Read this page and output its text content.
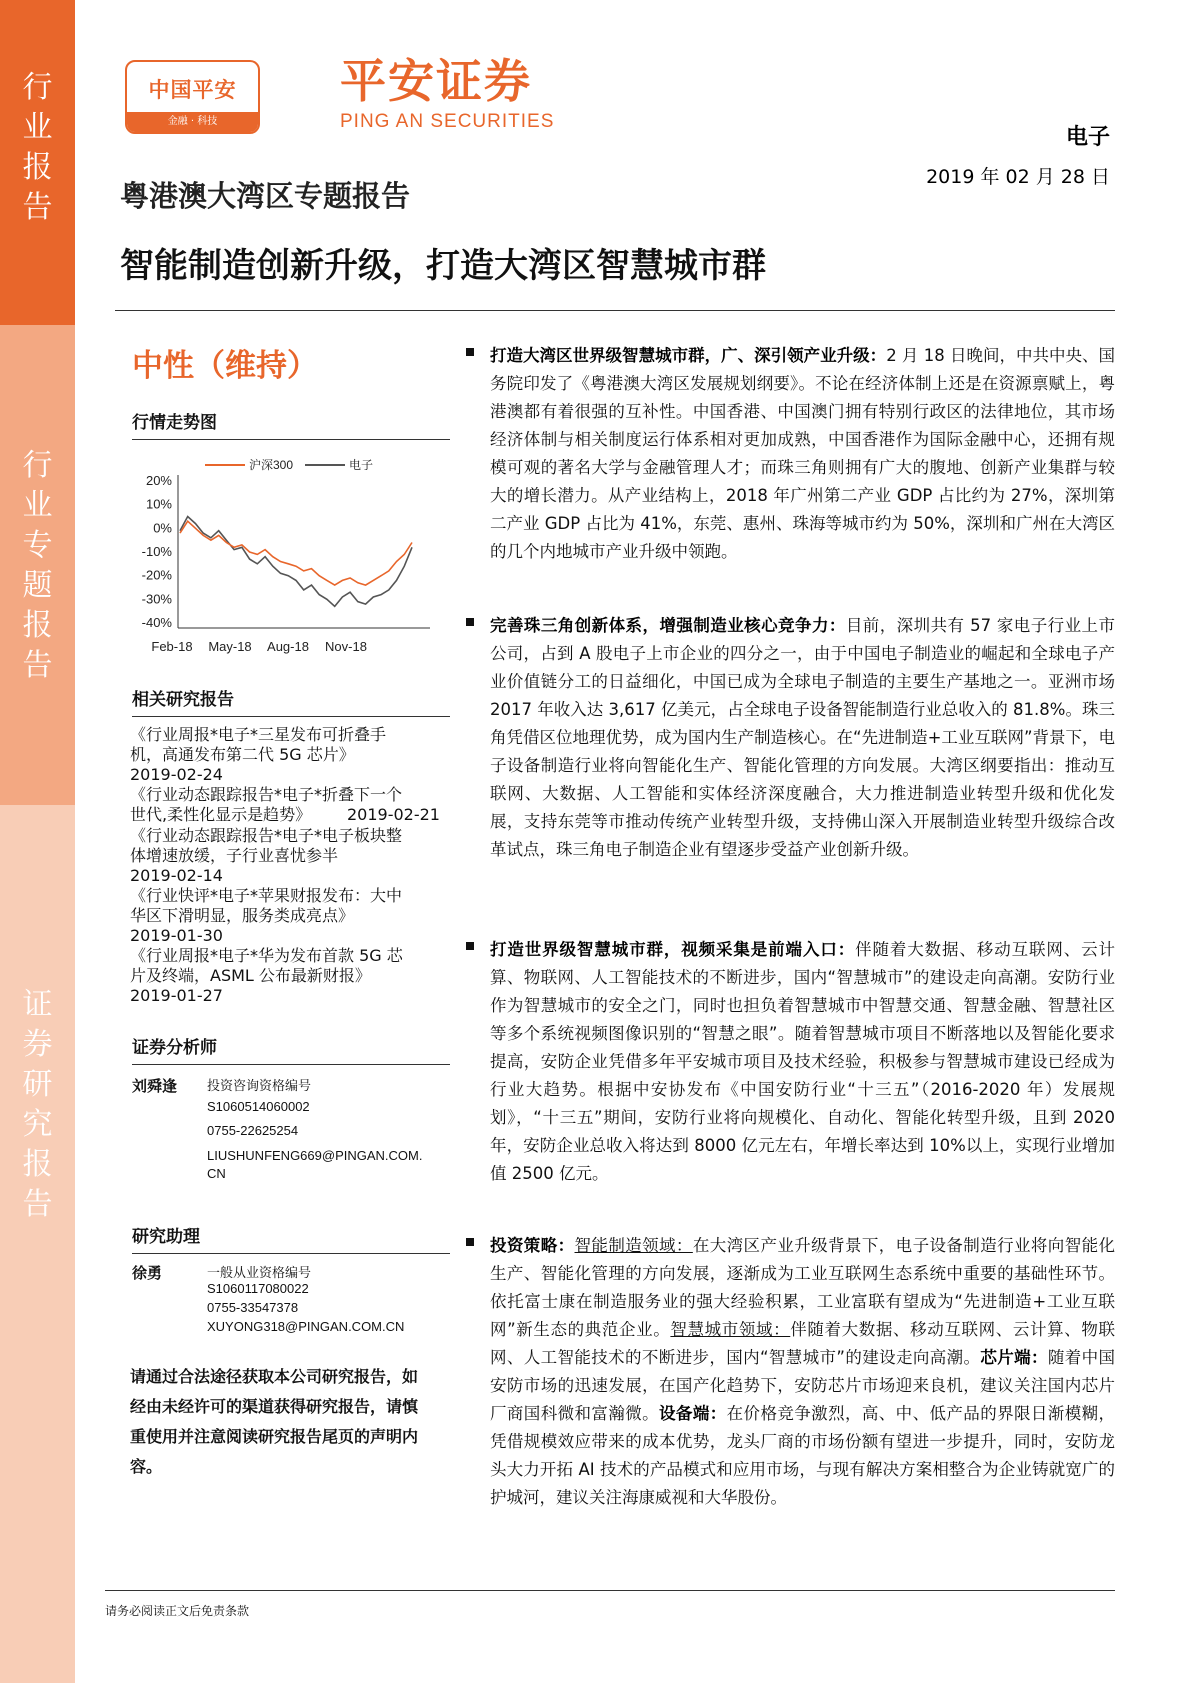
行
业
报
告
行
业
专
题
报
告
证
券
研
究
报
告
中国平安
金融 · 科技
平安证券
PING AN SECURITIES
电子
2019 年 02 月 28 日
粤港澳大湾区专题报告
智能制造创新升级，打造大湾区智慧城市群
中性（维持）
行情走势图
20%
10%
0%
-10%
-20%
-30%
-40%
Feb-18 May-18 Aug-18 Nov-18
沪深300	电子
相关研究报告
《行业周报*电子*三星发布可折叠手
机，高通发布第二代 5G 芯片》
2019-02-24
《行业动态跟踪报告*电子*折叠下一个
世代,柔性化显示是趋势》	2019-02-21
《行业动态跟踪报告*电子*电子板块整
体增速放缓，子行业喜忧参半
2019-02-14
《行业快评*电子*苹果财报发布：大中
华区下滑明显，服务类成亮点》
2019-01-30
《行业周报*电子*华为发布首款 5G 芯
片及终端，ASML 公布最新财报》
2019-01-27
证券分析师
刘舜逢 投资咨询资格编号
S1060514060002
0755-22625254
LIUSHUNFENG669@PINGAN.COM.
CN
研究助理
徐勇	一般从业资格编号
S1060117080022
0755-33547378
XUYONG318@PINGAN.COM.CN
请通过合法途径获取本公司研究报告，如经由未经许可的渠道获得研究报告，请慎重使用并注意阅读研究报告尾页的声明内容。

打造大湾区世界级智慧城市群，广、深引领产业升级：2 月 18 日晚间，中共中央、国务院印发了《粤港澳大湾区发展规划纲要》。不论在经济体制上还是在资源禀赋上，粤港澳都有着很强的互补性。中国香港、中国澳门拥有特别行政区的法律地位，其市场经济体制与相关制度运行体系相对更加成熟，中国香港作为国际金融中心，还拥有规模可观的著名大学与金融管理人才；而珠三角则拥有广大的腹地、创新产业集群与较大的增长潜力。从产业结构上，2018 年广州第二产业 GDP 占比约为 27%，深圳第二产业 GDP 占比为 41%，东莞、惠州、珠海等城市约为 50%，深圳和广州在大湾区的几个内地城市产业升级中领跑。

完善珠三角创新体系，增强制造业核心竞争力：目前，深圳共有 57 家电子行业上市公司，占到 A 股电子上市企业的四分之一，由于中国电子制造业的崛起和全球电子产业价值链分工的日益细化，中国已成为全球电子制造的主要生产基地之一。亚洲市场 2017 年收入达 3,617 亿美元，占全球电子设备智能制造行业总收入的 81.8%。珠三角凭借区位地理优势，成为国内生产制造核心。在“先进制造+工业互联网”背景下，电子设备制造行业将向智能化生产、智能化管理的方向发展。大湾区纲要指出：推动互联网、大数据、人工智能和实体经济深度融合，大力推进制造业转型升级和优化发展，支持东莞等市推动传统产业转型升级，支持佛山深入开展制造业转型升级综合改革试点，珠三角电子制造企业有望逐步受益产业创新升级。

打造世界级智慧城市群，视频采集是前端入口：伴随着大数据、移动互联网、云计算、物联网、人工智能技术的不断进步，国内“智慧城市”的建设走向高潮。安防行业作为智慧城市的安全之门，同时也担负着智慧城市中智慧交通、智慧金融、智慧社区等多个系统视频图像识别的“智慧之眼”。随着智慧城市项目不断落地以及智能化要求提高，安防企业凭借多年平安城市项目及技术经验，积极参与智慧城市建设已经成为行业大趋势。根据中安协发布《中国安防行业“十三五”（2016-2020 年）发展规划》，“十三五”期间，安防行业将向规模化、自动化、智能化转型升级，且到 2020 年，安防企业总收入将达到 8000 亿元左右，年增长率达到 10%以上，实现行业增加值 2500 亿元。

投资策略：智能制造领域：在大湾区产业升级背景下，电子设备制造行业将向智能化生产、智能化管理的方向发展，逐渐成为工业互联网生态系统中重要的基础性环节。依托富士康在制造服务业的强大经验积累，工业富联有望成为“先进制造+工业互联网”新生态的典范企业。智慧城市领域：伴随着大数据、移动互联网、云计算、物联网、人工智能技术的不断进步，国内“智慧城市”的建设走向高潮。芯片端：随着中国安防市场的迅速发展，在国产化趋势下，安防芯片市场迎来良机，建议关注国内芯片厂商国科微和富瀚微。设备端：在价格竞争激烈，高、中、低产品的界限日渐模糊，凭借规模效应带来的成本优势，龙头厂商的市场份额有望进一步提升，同时，安防龙头大力开拓 AI 技术的产品模式和应用市场，与现有解决方案相整合为企业铸就宽广的护城河，建议关注海康威视和大华股份。

请务必阅读正文后免责条款
